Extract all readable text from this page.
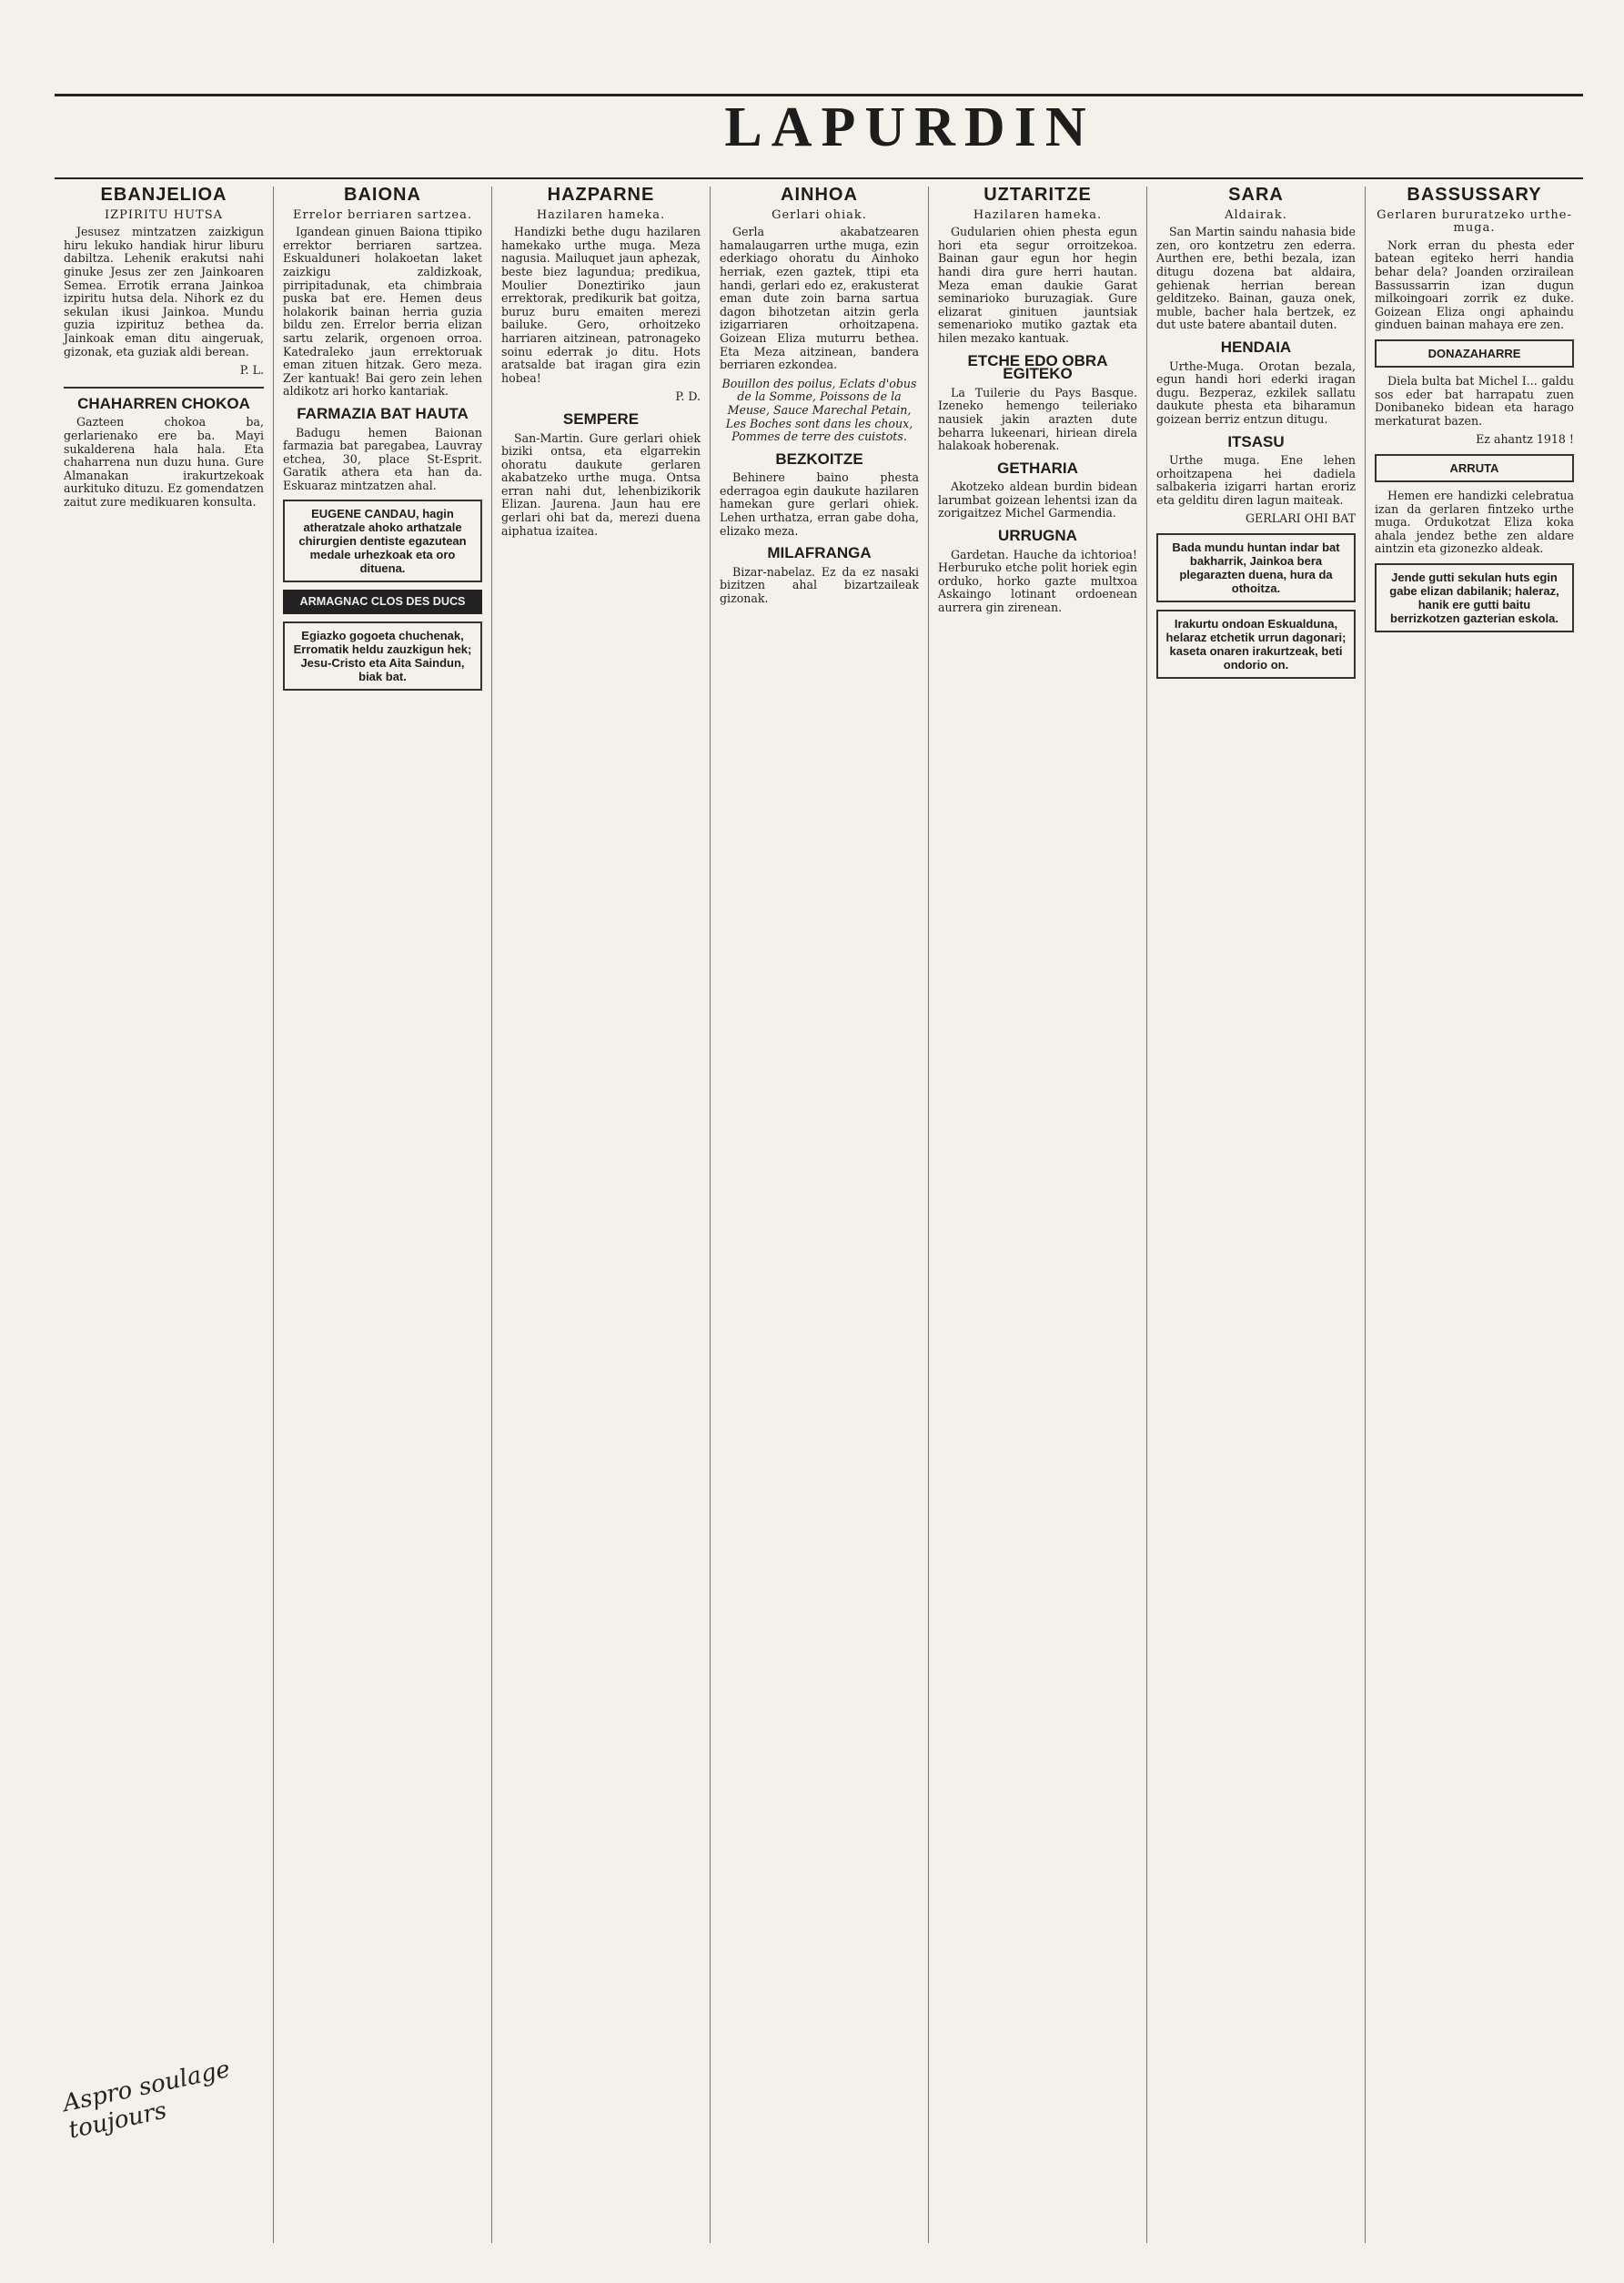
LAPURDIN
EBANJELIOA
IZPIRITU HUTSA

Jesusez mintzatzen zaizkigun hiru lekuko handiak hirur liburu dabiltza. Lehenik erakutsi nahi ginuke Jesus zer zen Jainkoaren Semea. Errotik errana Jainkoa izpiritu hutsa dela. Nihork ez du sekulan ikusi Jainkoa. Mundu guzia izpirituz bethea da. Jainkoak eman ditu aingeruak, gizonak, eta guziak aldi berean.

P. L.
CHAHARREN CHOKOA

Gazteen chokoa ba, gerlarienako ere ba. Mayi sukalderena hala hala. Eta chaharrena nun duzu huna. Gure Almanakan irakurtzekoak aurkituko dituzu. Ez gomendatzen zaitut zure medikuaren konsulta.

BAIONA
Errelor berriaren sartzea.

Igandean ginuen Baiona ttipiko errektor berriaren sartzea. Eskualduneri holakoetan laket zaizkigu zaldizkoak, pirripitadunak, eta chimbraia puska bat ere. Hemen deus holakorik bainan herria guzia bildu zen. Errelor berria elizan sartu zelarik, orgenoen orroa. Katedraleko jaun errektoruak eman zituen hitzak. Gero meza. Zer kantuak! Bai gero zein lehen aldikotz ari horko kantariak.

FARMAZIA BAT HAUTA

Badugu hemen Baionan farmazia bat paregabea, Lauvray etchea, 30, place St-Esprit. Garatik athera eta han da. Eskuaraz mintzatzen ahal.

EUGENE CANDAU, hagin atheratzale ahoko arthatzale chirurgien dentiste egazutean medale urhezkoak eta oro dituena.
ARMAGNAC CLOS DES DUCS
Egiazko gogoeta chuchenak, Erromatik heldu zauzkigun hek; Jesu-Cristo eta Aita Saindun, biak bat.
HAZPARNE
Hazilaren hameka.

Handizki bethe dugu hazilaren hamekako urthe muga. Meza nagusia. Mailuquet jaun aphezak, beste biez lagundua; predikua, Moulier Doneztiriko jaun errektorak, predikurik bat goitza, buruz buru emaiten merezi bailuke. Gero, orhoitzeko harriaren aitzinean, patronageko soinu ederrak jo ditu. Hots aratsalde bat iragan gira ezin hobea!

P. D.
SEMPERE

San-Martin. Gure gerlari ohiek biziki ontsa, eta elgarrekin ohoratu daukute gerlaren akabatzeko urthe muga. Ontsa erran nahi dut, lehenbizikorik Elizan. Jaurena. Jaun hau ere gerlari ohi bat da, merezi duena aiphatua izaitea.

AINHOA
Gerlari ohiak.

Gerla akabatzearen hamalaugarren urthe muga, ezin ederkiago ohoratu du Ainhoko herriak, ezen gaztek, ttipi eta handi, gerlari edo ez, erakusterat eman dute zoin barna sartua dagon bihotzetan aitzin gerla izigarriaren orhoitzapena. Goizean Eliza muturru bethea. Eta Meza aitzinean, bandera berriaren ezkondea.

Bouillon des poilus, Eclats d'obus de la Somme, Poissons de la Meuse, Sauce Marechal Petain, Les Boches sont dans les choux, Pommes de terre des cuistots.

BEZKOITZE

Behinere baino phesta ederragoa egin daukute hazilaren hamekan gure gerlari ohiek. Lehen urthatza, erran gabe doha, elizako meza.

MILAFRANGA

Bizar-nabelaz. Ez da ez nasaki bizitzen ahal bizartzaileak gizonak.

UZTARITZE
Hazilaren hameka.

Gudularien ohien phesta egun hori eta segur orroitzekoa. Bainan gaur egun hor hegin handi dira gure herri hautan. Meza eman daukie Garat seminarioko buruzagiak. Gure elizarat ginituen jauntsiak semenarioko mutiko gaztak eta hilen mezako kantuak.

ETCHE EDO OBRA EGITEKO

La Tuilerie du Pays Basque. Izeneko hemengo teileriako nausiek jakin arazten dute beharra lukeenari, hiriean direla halakoak hoberenak.

GETHARIA

Akotzeko aldean burdin bidean larumbat goizean lehentsi izan da zorigaitzez Michel Garmendia.

URRUGNA

Gardetan. Hauche da ichtorioa! Herburuko etche polit horiek egin orduko, horko gazte multxoa Askaingo lotinant ordoenean aurrera gin zirenean.

SARA
Aldairak.

San Martin saindu nahasia bide zen, oro kontzetru zen ederra. Aurthen ere, bethi bezala, izan ditugu dozena bat aldaira, gehienak herrian berean gelditzeko. Bainan, gauza onek, muble, bacher hala bertzek, ez dut uste batere abantail duten.

HENDAIA

Urthe-Muga. Orotan bezala, egun handi hori ederki iragan dugu. Bezperaz, ezkilek sallatu daukute phesta eta biharamun goizean berriz entzun ditugu.

ITSASU

Urthe muga. Ene lehen orhoitzapena hei dadiela salbakeria izigarri hartan eroriz eta gelditu diren lagun maiteak.

GERLARI OHI BAT
Bada mundu huntan indar bat bakharrik, Jainkoa bera plegarazten duena, hura da othoitza.
Irakurtu ondoan Eskualduna, helaraz etchetik urrun dagonari; kaseta onaren irakurtzeak, beti ondorio on.
BASSUSSARY
Gerlaren bururatzeko urthe-muga.

Nork erran du phesta eder batean egiteko herri handia behar dela? Joanden orzirailean Bassussarrin izan dugun milkoingoari zorrik ez duke. Goizean Eliza ongi aphaindu ginduen bainan mahaya ere zen.

DONAZAHARRE

Diela bulta bat Michel I... galdu sos eder bat harrapatu zuen Donibaneko bidean eta harago merkaturat bazen.

Ez ahantz 1918 !
ARRUTA

Hemen ere handizki celebratua izan da gerlaren fintzeko urthe muga. Ordukotzat Eliza koka ahala jendez bethe zen aldare aintzin eta gizonezko aldeak.

Jende gutti sekulan huts egin gabe elizan dabilanik; haleraz, hanik ere gutti baitu berrizkotzen gazterian eskola.
Aspro soulage toujours
